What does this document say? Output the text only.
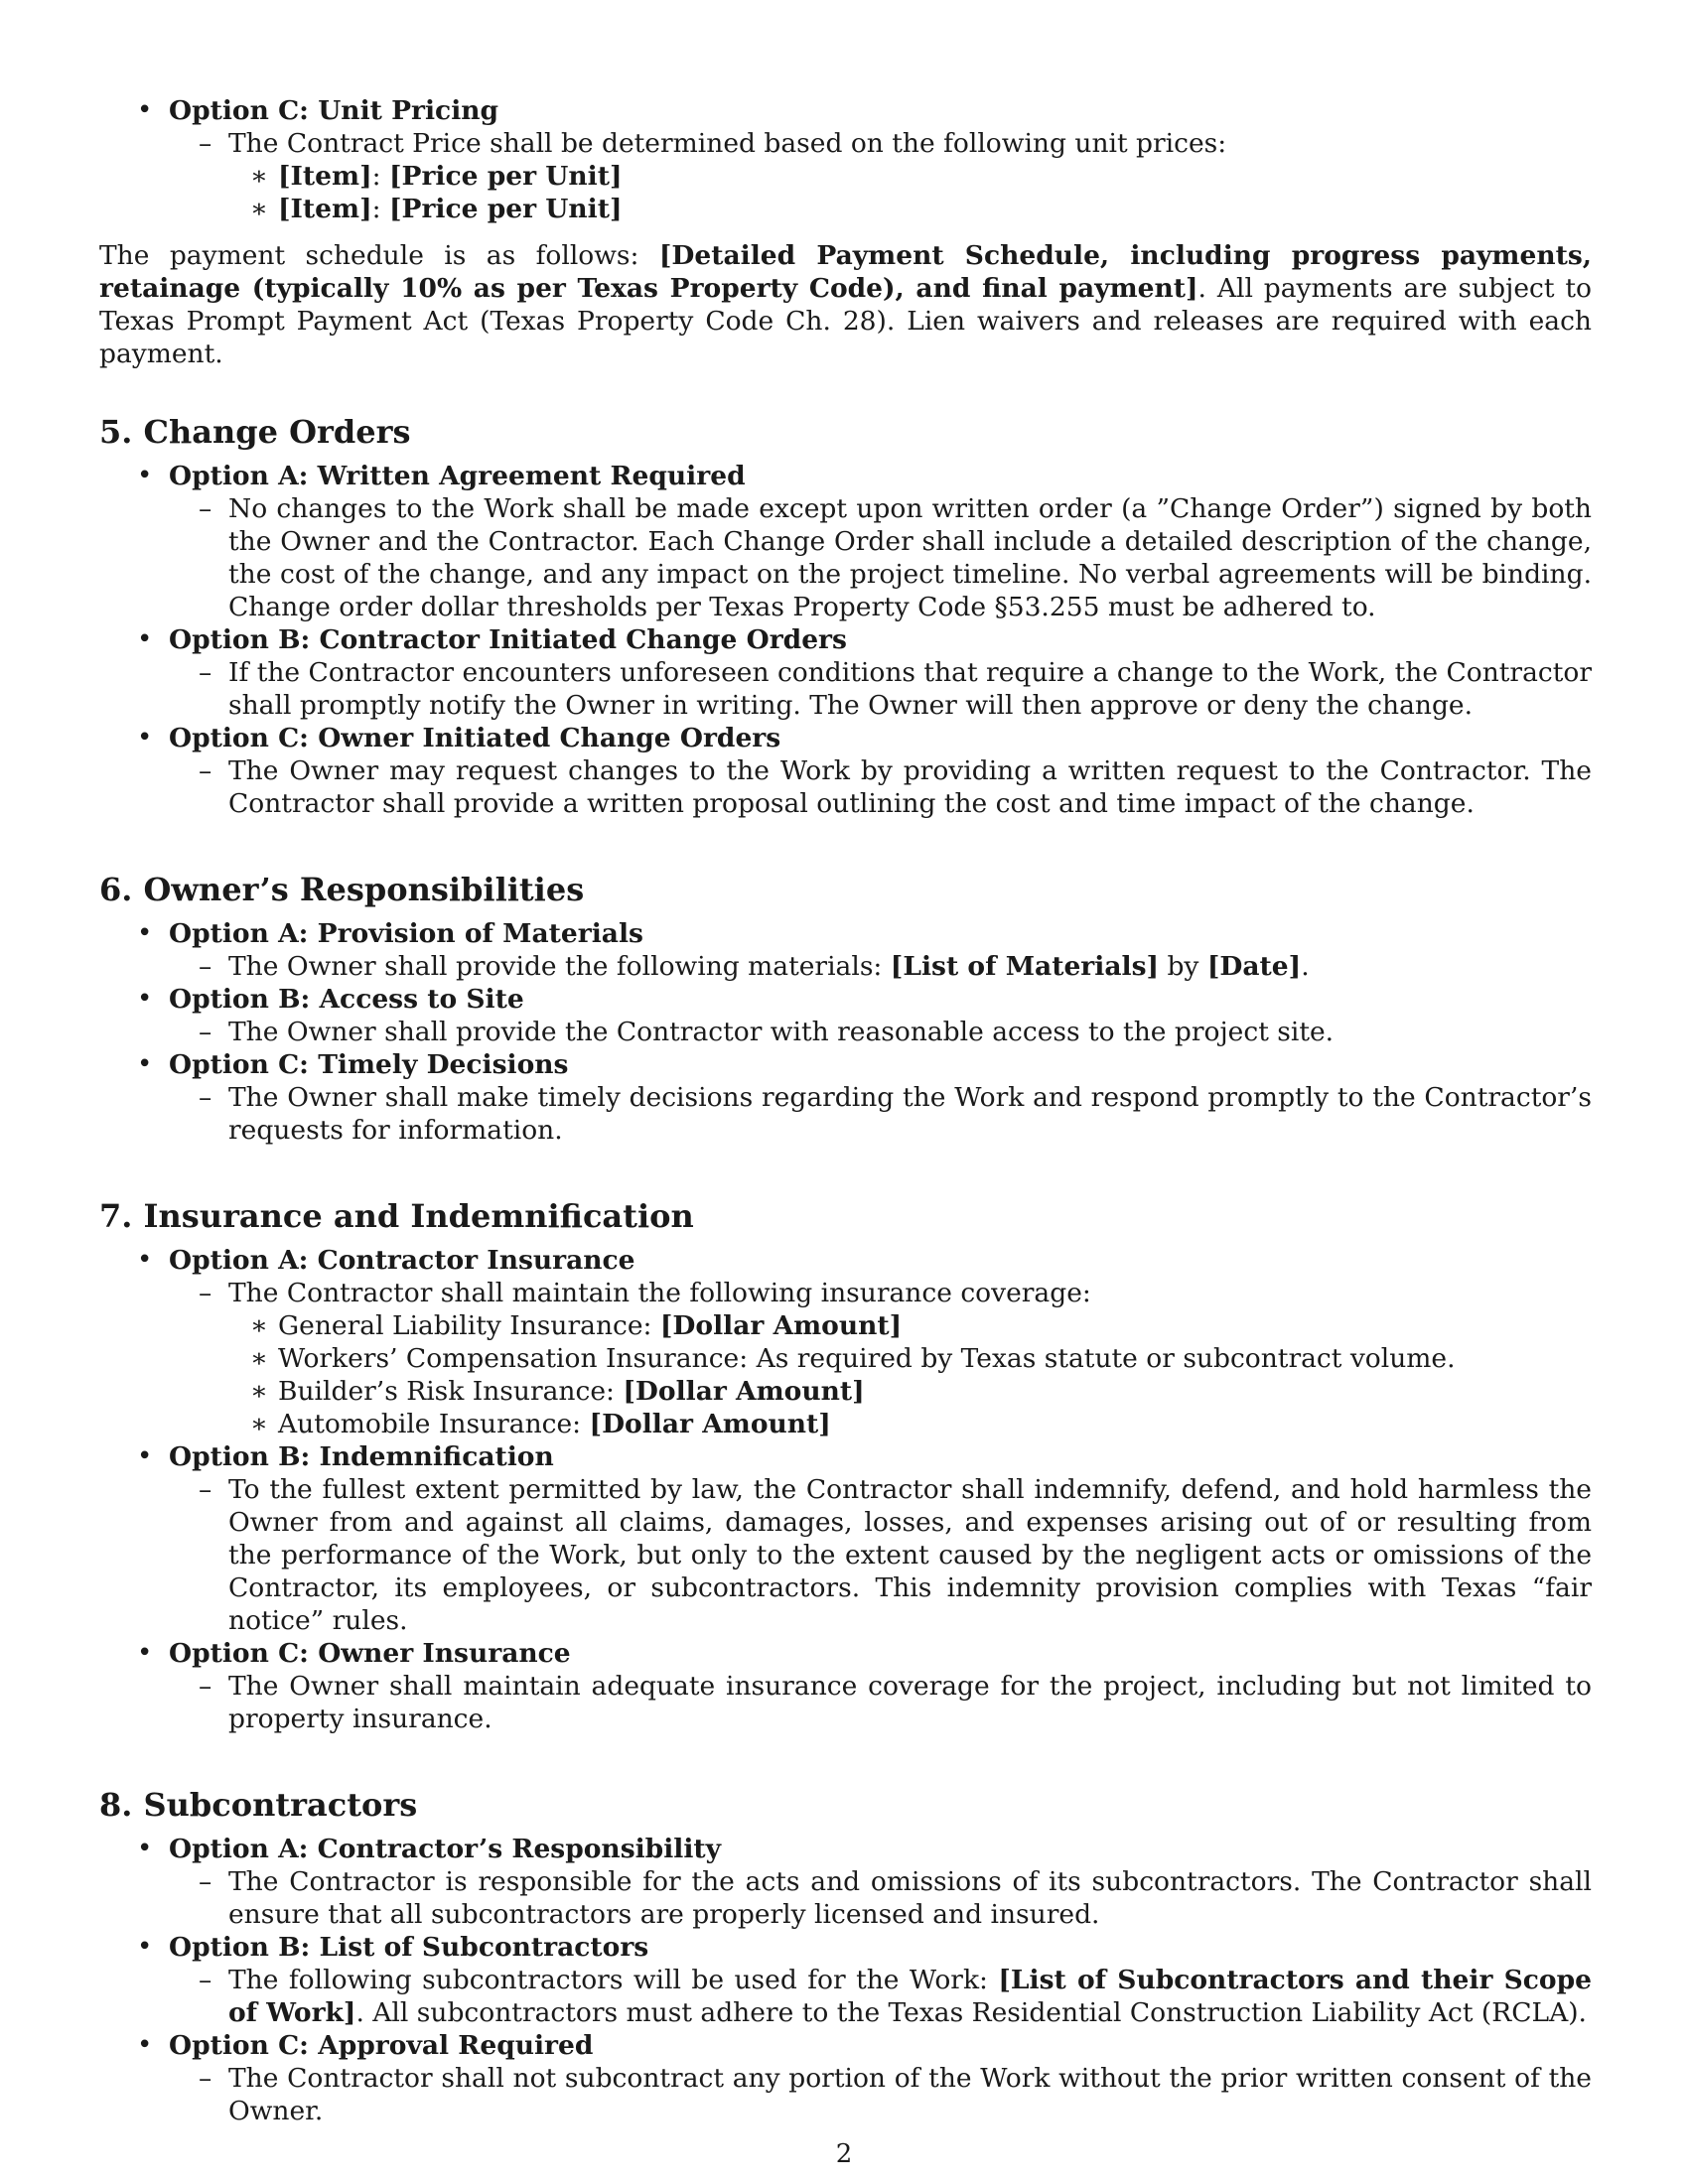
• Option C: Unit Pricing
– The Contract Price shall be determined based on the following unit prices:
∗ [Item]: [Price per Unit]
∗ [Item]: [Price per Unit]

The payment schedule is as follows: [Detailed Payment Schedule, including progress payments, retainage (typically 10% as per Texas Property Code), and final payment]. All payments are subject to Texas Prompt Payment Act (Texas Property Code Ch. 28). Lien waivers and releases are required with each payment.

5. Change Orders
• Option A: Written Agreement Required
– No changes to the Work shall be made except upon written order (a ”Change Order”) signed by both the Owner and the Contractor. Each Change Order shall include a detailed description of the change, the cost of the change, and any impact on the project timeline. No verbal agreements will be binding. Change order dollar thresholds per Texas Property Code §53.255 must be adhered to.
• Option B: Contractor Initiated Change Orders
– If the Contractor encounters unforeseen conditions that require a change to the Work, the Contractor shall promptly notify the Owner in writing. The Owner will then approve or deny the change.
• Option C: Owner Initiated Change Orders
– The Owner may request changes to the Work by providing a written request to the Contractor. The Contractor shall provide a written proposal outlining the cost and time impact of the change.
6. Owner’s Responsibilities
• Option A: Provision of Materials
– The Owner shall provide the following materials: [List of Materials] by [Date].
• Option B: Access to Site
– The Owner shall provide the Contractor with reasonable access to the project site.
• Option C: Timely Decisions
– The Owner shall make timely decisions regarding the Work and respond promptly to the Contractor’s requests for information.
7. Insurance and Indemnification
• Option A: Contractor Insurance
– The Contractor shall maintain the following insurance coverage:
∗ General Liability Insurance: [Dollar Amount]
∗ Workers’ Compensation Insurance: As required by Texas statute or subcontract volume.
∗ Builder’s Risk Insurance: [Dollar Amount]
∗ Automobile Insurance: [Dollar Amount]
• Option B: Indemnification
– To the fullest extent permitted by law, the Contractor shall indemnify, defend, and hold harmless the Owner from and against all claims, damages, losses, and expenses arising out of or resulting from the performance of the Work, but only to the extent caused by the negligent acts or omissions of the Contractor, its employees, or subcontractors. This indemnity provision complies with Texas “fair notice” rules.
• Option C: Owner Insurance
– The Owner shall maintain adequate insurance coverage for the project, including but not limited to property insurance.
8. Subcontractors
• Option A: Contractor’s Responsibility
– The Contractor is responsible for the acts and omissions of its subcontractors. The Contractor shall ensure that all subcontractors are properly licensed and insured.
• Option B: List of Subcontractors
– The following subcontractors will be used for the Work: [List of Subcontractors and their Scope of Work]. All subcontractors must adhere to the Texas Residential Construction Liability Act (RCLA).
• Option C: Approval Required
– The Contractor shall not subcontract any portion of the Work without the prior written consent of the Owner.
2
